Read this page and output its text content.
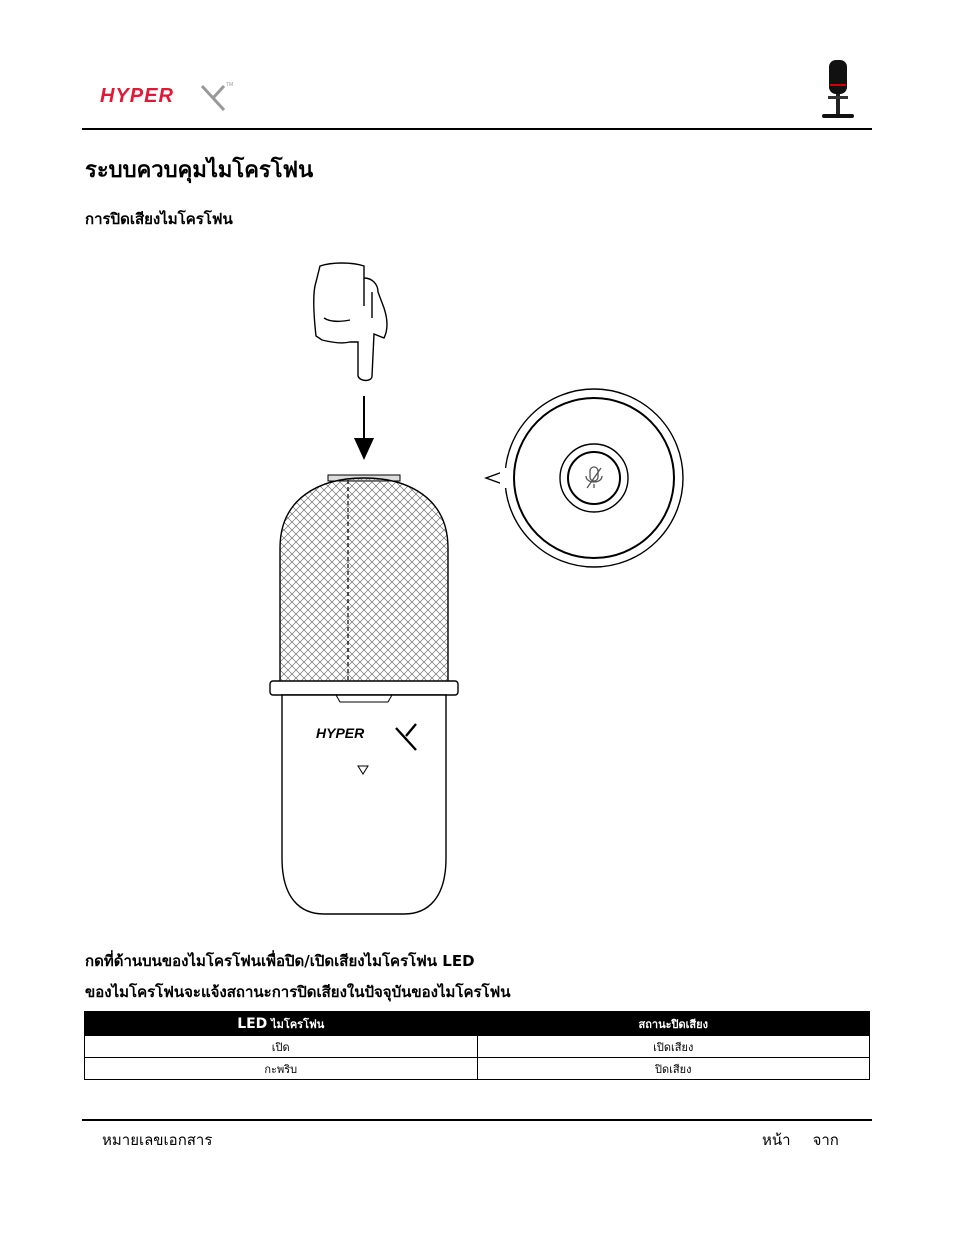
HYPER	TM
ระบบควบคุมไมโครโฟน
การปิดเสียงไมโครโฟน
HYPER
กดที่ด้านบนของไมโครโฟนเพื่อปิด/เปิดเสียงไมโครโฟน LED
ของไมโครโฟนจะแจ้งสถานะการปิดเสียงในปัจจุบันของไมโครโฟน
LED ไมโครโฟน	สถานะปิดเสียง
เปิด	เปิดเสียง
กะพริบ	ปิดเสียง
หมายเลขเอกสาร	หน้า จาก
